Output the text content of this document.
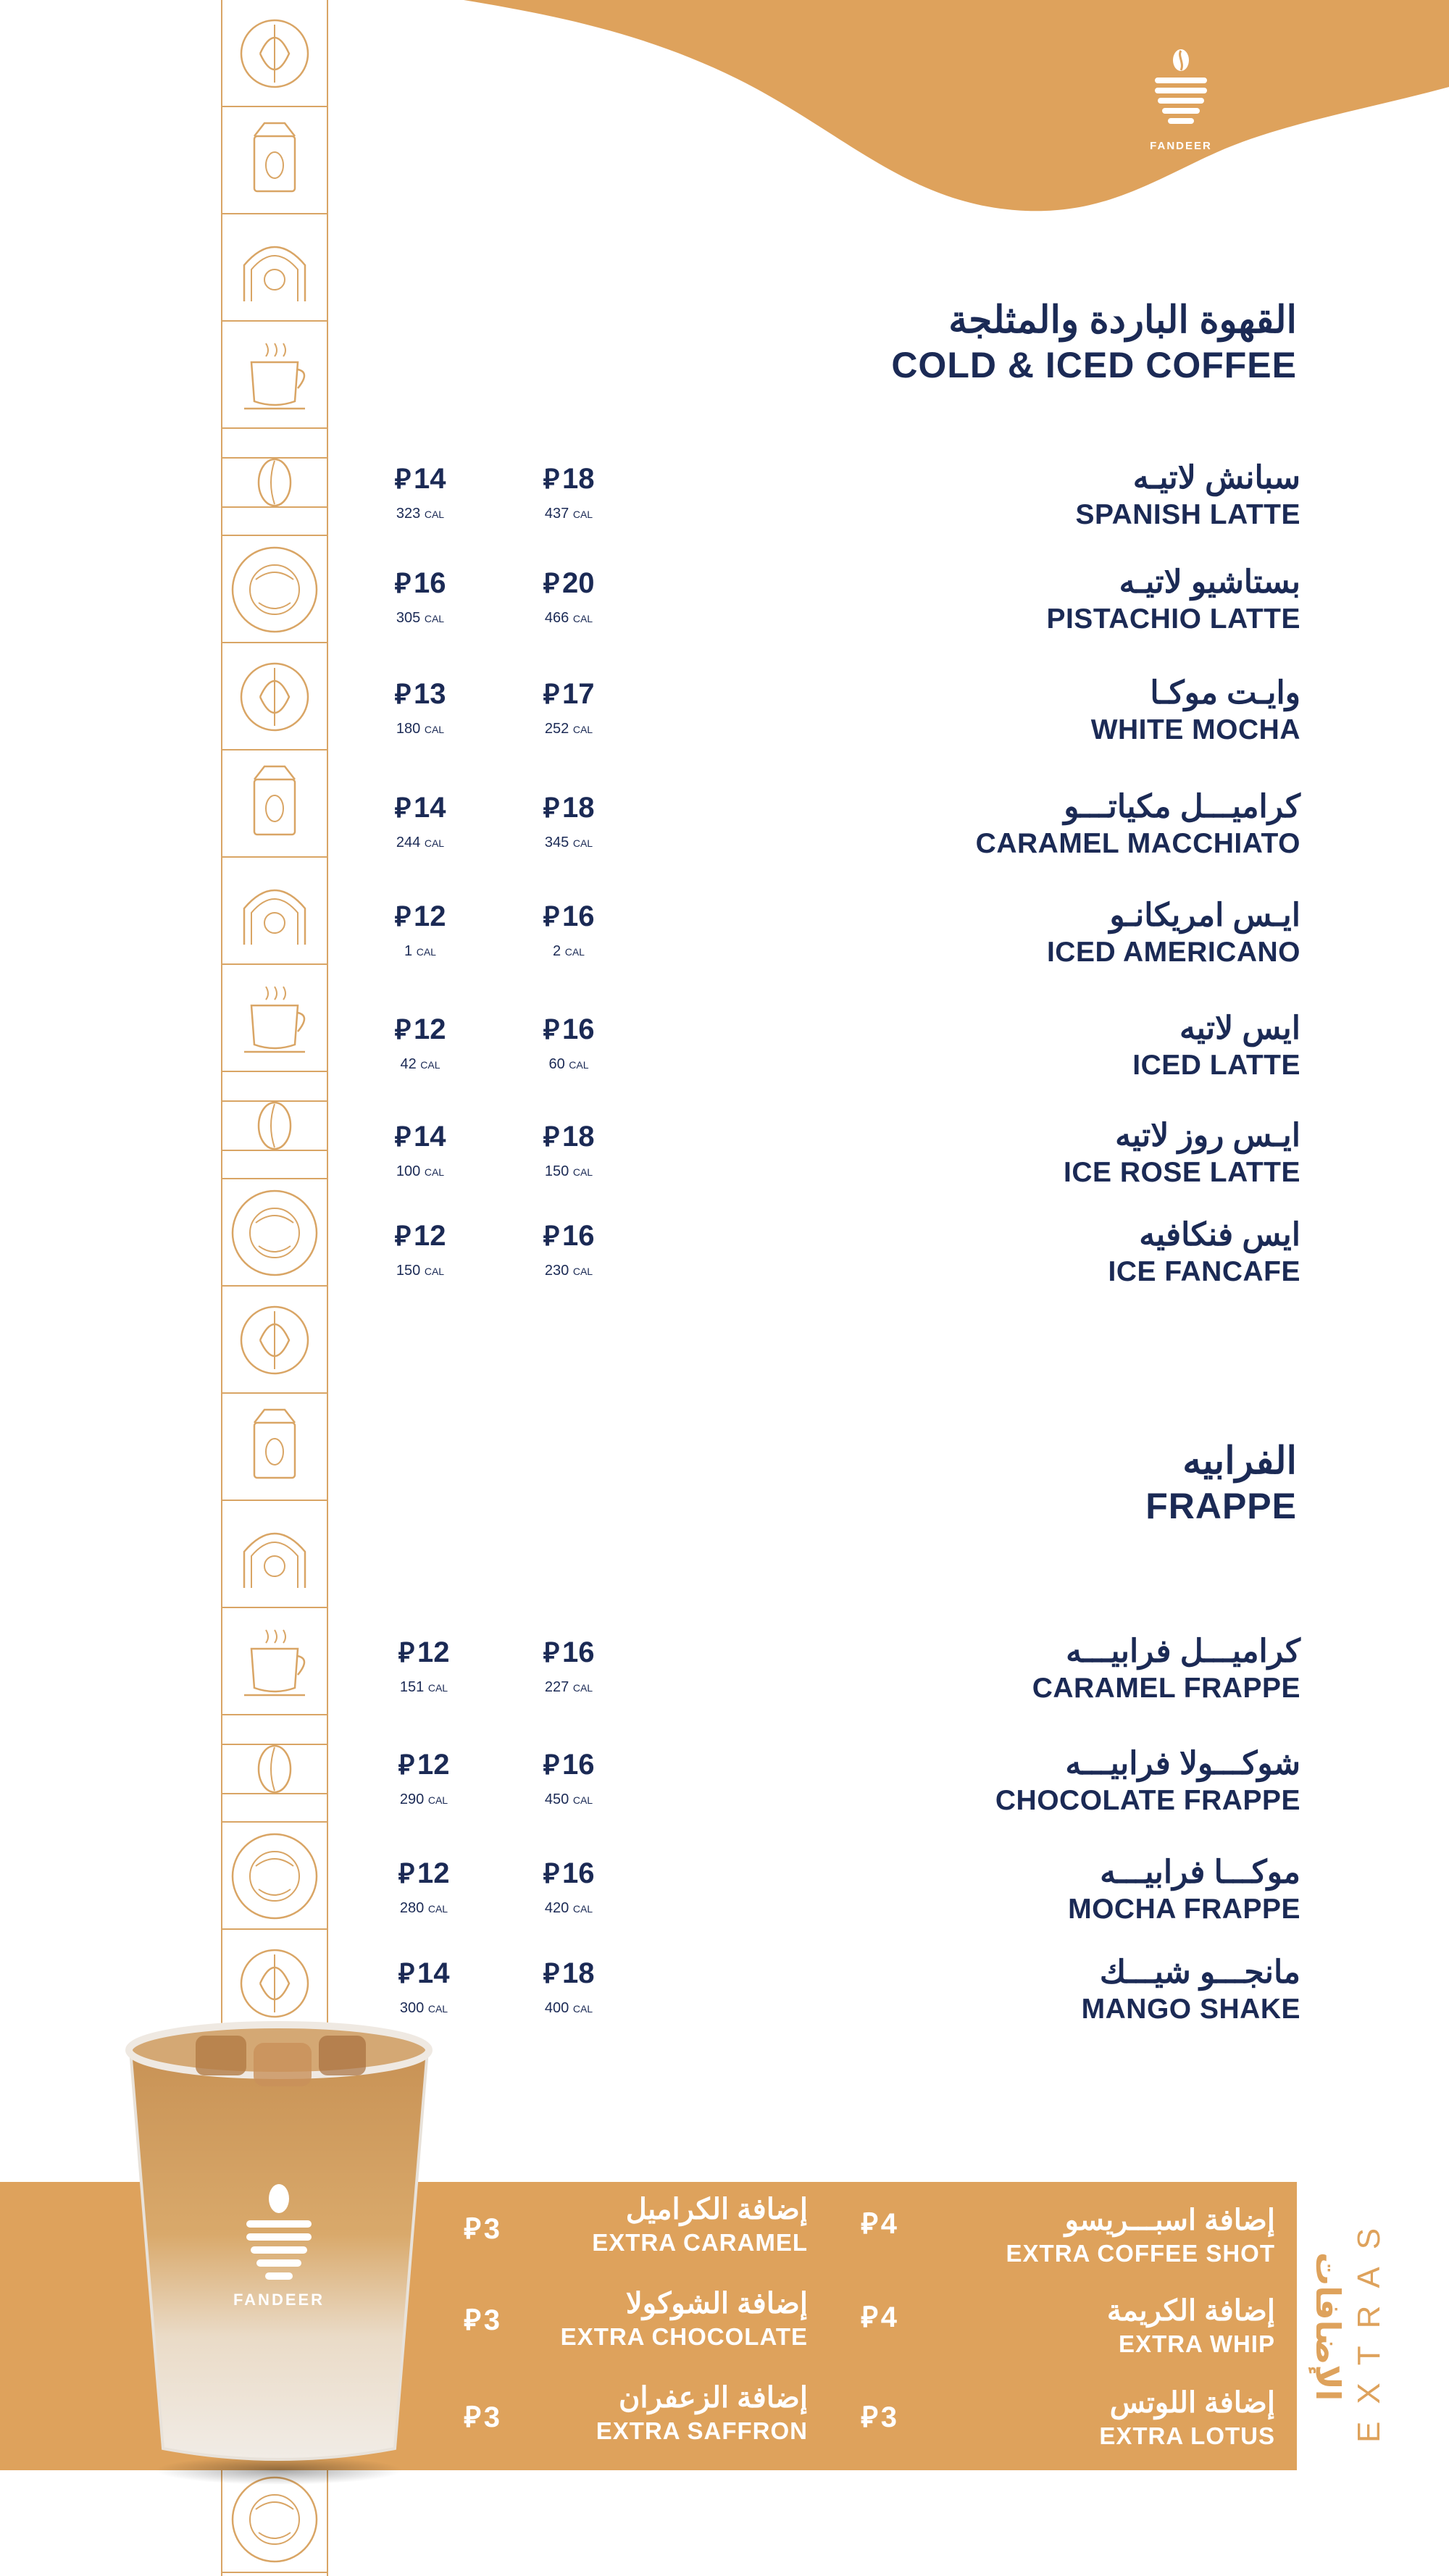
FANDEER
القهوة الباردة والمثلجة
COLD & ICED COFFEE
سبانش لاتيـه
SPANISH LATTE
⃁ 14
323 CAL
⃁ 18
437 CAL
بستاشيو لاتيـه
PISTACHIO LATTE
⃁ 16
305 CAL
⃁ 20
466 CAL
وايـت موكـا
WHITE MOCHA
⃁ 13
180 CAL
⃁ 17
252 CAL
كراميـــل مكياتـــو
CARAMEL MACCHIATO
⃁ 14
244 CAL
⃁ 18
345 CAL
ايـس امريكانـو
ICED AMERICANO
⃁ 12
1 CAL
⃁ 16
2 CAL
ايس لاتيه
ICED LATTE
⃁ 12
42 CAL
⃁ 16
60 CAL
ايـس روز لاتيه
ICE ROSE LATTE
⃁ 14
100 CAL
⃁ 18
150 CAL
ايس فنكافيه
ICE FANCAFE
⃁ 12
150 CAL
⃁ 16
230 CAL
الفرابيه
FRAPPE
كراميـــل فرابيـــه
CARAMEL FRAPPE
⃁ 12
151 CAL
⃁ 16
227 CAL
شوكـــولا فرابيـــه
CHOCOLATE FRAPPE
⃁ 12
290 CAL
⃁ 16
450 CAL
موكـــا فرابيـــه
MOCHA FRAPPE
⃁ 12
280 CAL
⃁ 16
420 CAL
مانجـــو شيـــك
MANGO SHAKE
⃁ 14
300 CAL
⃁ 18
400 CAL
إضافة اسبـــريسو
EXTRA COFFEE SHOT
⃁ 4
إضافة الكريمة
EXTRA WHIP
⃁ 4
إضافة اللوتس
EXTRA LOTUS
⃁ 3
إضافة الكراميل
EXTRA CARAMEL
⃁ 3
إضافة الشوكولا
EXTRA CHOCOLATE
⃁ 3
إضافة الزعفران
EXTRA SAFFRON
⃁ 3
الإضافات EXTRAS
FANDEER
